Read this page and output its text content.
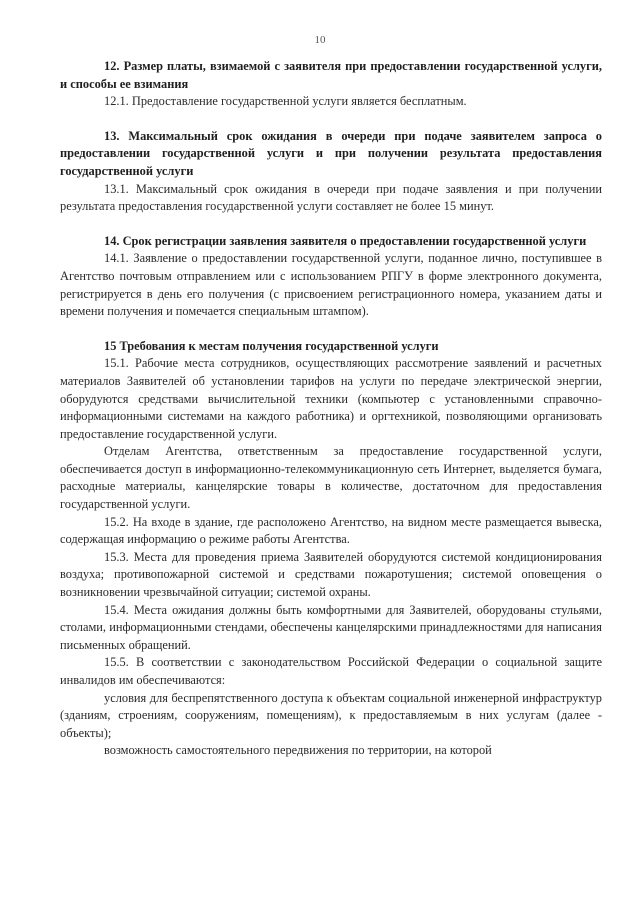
10

12. Размер платы, взимаемой с заявителя при предоставлении государственной услуги, и способы ее взимания

12.1. Предоставление государственной услуги является бесплатным.

13. Максимальный срок ожидания в очереди при подаче заявителем запроса о предоставлении государственной услуги и при получении результата предоставления государственной услуги

13.1. Максимальный срок ожидания в очереди при подаче заявления и при получении результата предоставления государственной услуги составляет не более 15 минут.

14. Срок регистрации заявления заявителя о предоставлении государственной услуги

14.1. Заявление о предоставлении государственной услуги, поданное лично, поступившее в Агентство почтовым отправлением или с использованием РПГУ в форме электронного документа, регистрируется в день его получения (с присвоением регистрационного номера, указанием даты и времени получения и помечается специальным штампом).

15 Требования к местам получения государственной услуги

15.1. Рабочие места сотрудников, осуществляющих рассмотрение заявлений и расчетных материалов Заявителей об установлении тарифов на услуги по передаче электрической энергии, оборудуются средствами вычислительной техники (компьютер с установленными справочно-информационными системами на каждого работника) и оргтехникой, позволяющими организовать предоставление государственной услуги.

Отделам Агентства, ответственным за предоставление государственной услуги, обеспечивается доступ в информационно-телекоммуникационную сеть Интернет, выделяется бумага, расходные материалы, канцелярские товары в количестве, достаточном для предоставления государственной услуги.

15.2. На входе в здание, где расположено Агентство, на видном месте размещается вывеска, содержащая информацию о режиме работы Агентства.

15.3. Места для проведения приема Заявителей оборудуются системой кондиционирования воздуха; противопожарной системой и средствами пожаротушения; системой оповещения о возникновении чрезвычайной ситуации; системой охраны.

15.4. Места ожидания должны быть комфортными для Заявителей, оборудованы стульями, столами, информационными стендами, обеспечены канцелярскими принадлежностями для написания письменных обращений.

15.5. В соответствии с законодательством Российской Федерации о социальной защите инвалидов им обеспечиваются:

условия для беспрепятственного доступа к объектам социальной инженерной инфраструктур (зданиям, строениям, сооружениям, помещениям), к предоставляемым в них услугам (далее - объекты);

возможность самостоятельного передвижения по территории, на которой
